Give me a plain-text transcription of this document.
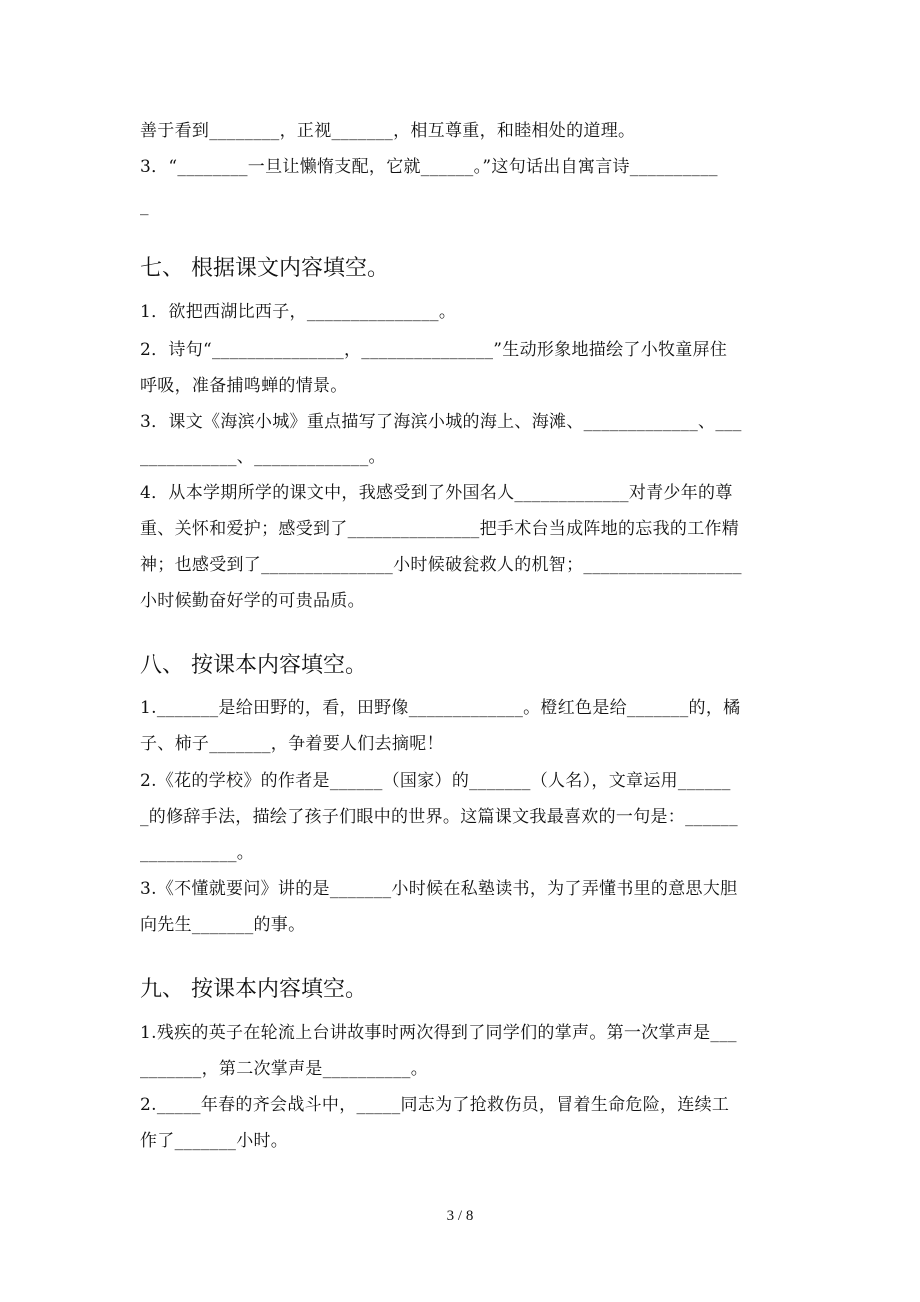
善于看到________，正视_______，相互尊重，和睦相处的道理。
3．“________一旦让懒惰支配，它就______。”这句话出自寓言诗__________
_
七、 根据课文内容填空。
1．欲把西湖比西子，_______________。
2．诗句“_______________，_______________”生动形象地描绘了小牧童屏住
呼吸，准备捕鸣蝉的情景。
3．课文《海滨小城》重点描写了海滨小城的海上、海滩、_____________、___
___________、_____________。
4．从本学期所学的课文中，我感受到了外国名人_____________对青少年的尊
重、关怀和爱护；感受到了_______________把手术台当成阵地的忘我的工作精
神；也感受到了_______________小时候破瓮救人的机智；__________________
小时候勤奋好学的可贵品质。
八、 按课本内容填空。
1._______是给田野的，看，田野像_____________。橙红色是给_______的，橘
子、柿子_______，争着要人们去摘呢！
2.《花的学校》的作者是______（国家）的_______（人名），文章运用______
_的修辞手法，描绘了孩子们眼中的世界。这篇课文我最喜欢的一句是：______
___________。
3.《不懂就要问》讲的是_______小时候在私塾读书，为了弄懂书里的意思大胆
向先生_______的事。
九、 按课本内容填空。
1.残疾的英子在轮流上台讲故事时两次得到了同学们的掌声。第一次掌声是___
_______，第二次掌声是__________。
2._____年春的齐会战斗中，_____同志为了抢救伤员，冒着生命危险，连续工
作了_______小时。
3 / 8
